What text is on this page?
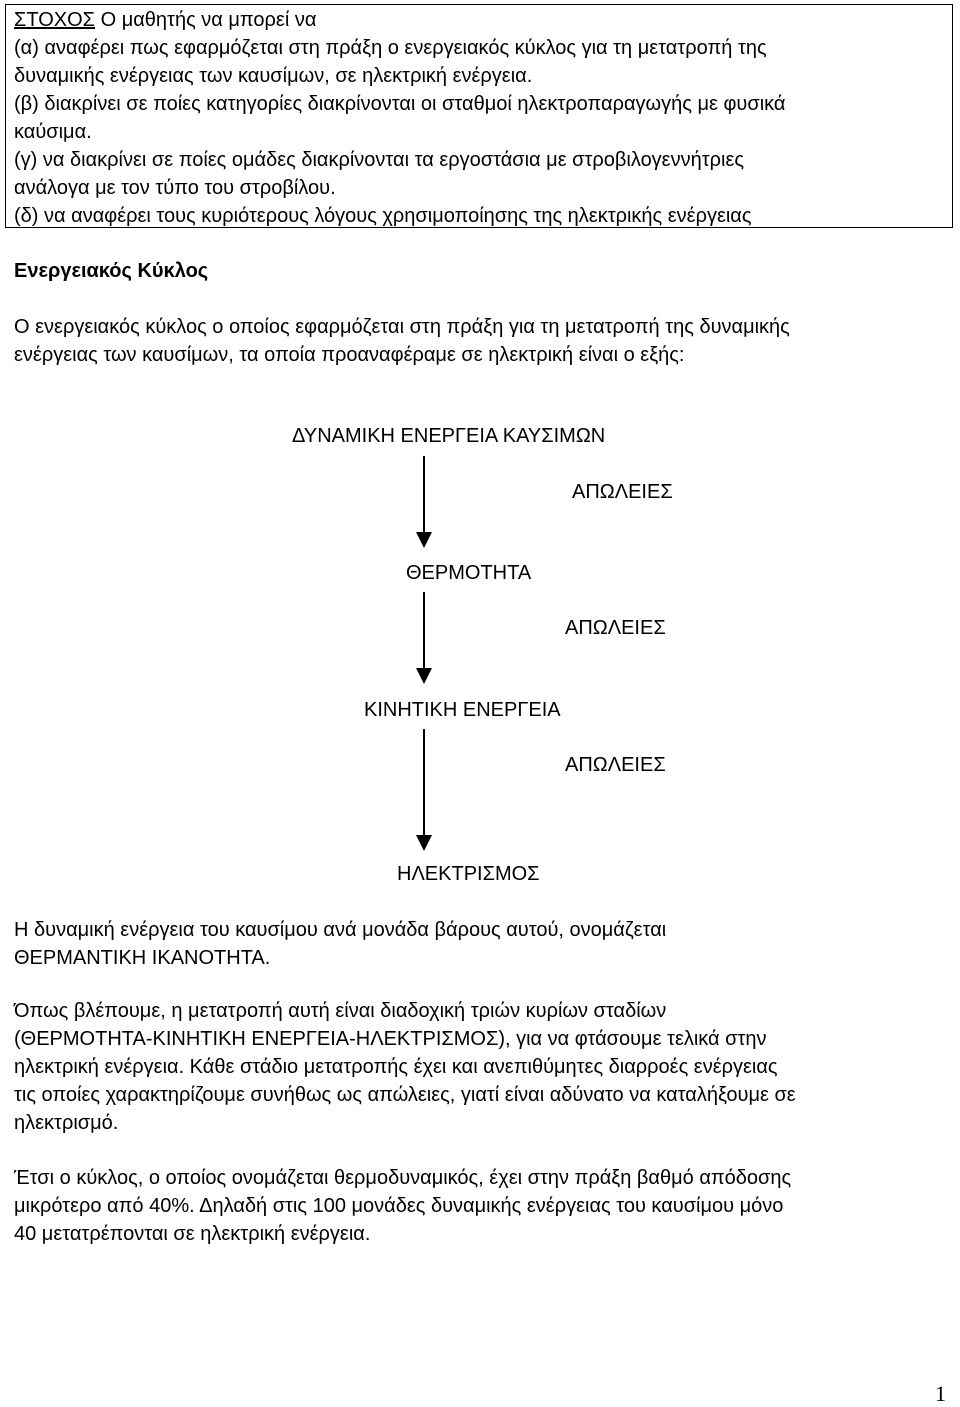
ΣΤΟΧΟΣ Ο μαθητής να μπορεί να
(α) αναφέρει πως εφαρμόζεται στη πράξη ο ενεργειακός κύκλος για τη μετατροπή της
δυναμικής ενέργειας των καυσίμων, σε ηλεκτρική ενέργεια.
(β) διακρίνει σε ποίες κατηγορίες διακρίνονται οι σταθμοί ηλεκτροπαραγωγής με φυσικά
καύσιμα.
(γ) να διακρίνει σε ποίες ομάδες διακρίνονται τα εργοστάσια με στροβιλογεννήτριες
ανάλογα με τον τύπο του στροβίλου.
(δ) να αναφέρει τους κυριότερους λόγους χρησιμοποίησης της ηλεκτρικής ενέργειας
Ενεργειακός Κύκλος
Ο ενεργειακός κύκλος ο οποίος εφαρμόζεται στη πράξη για τη μετατροπή της δυναμικής
ενέργειας των καυσίμων, τα οποία προαναφέραμε σε ηλεκτρική είναι ο εξής:
ΔΥΝΑΜΙΚΗ ΕΝΕΡΓΕΙΑ ΚΑΥΣΙΜΩΝ
ΑΠΩΛΕΙΕΣ
ΘΕΡΜΟΤΗΤΑ
ΑΠΩΛΕΙΕΣ
ΚΙΝΗΤΙΚΗ ΕΝΕΡΓΕΙΑ
ΑΠΩΛΕΙΕΣ
ΗΛΕΚΤΡΙΣΜΟΣ
Η δυναμική ενέργεια του καυσίμου ανά μονάδα βάρους αυτού, ονομάζεται
ΘΕΡΜΑΝΤΙΚΗ ΙΚΑΝΟΤΗΤΑ.
Όπως βλέπουμε, η μετατροπή αυτή είναι διαδοχική τριών κυρίων σταδίων
(ΘΕΡΜΟΤΗΤΑ-ΚΙΝΗΤΙΚΗ ΕΝΕΡΓΕΙΑ-ΗΛΕΚΤΡΙΣΜΟΣ), για να φτάσουμε τελικά στην
ηλεκτρική ενέργεια. Κάθε στάδιο μετατροπής έχει και ανεπιθύμητες διαρροές ενέργειας
τις οποίες χαρακτηρίζουμε συνήθως ως απώλειες, γιατί είναι αδύνατο να καταλήξουμε σε
ηλεκτρισμό.
Έτσι ο κύκλος, ο οποίος ονομάζεται θερμοδυναμικός, έχει στην πράξη βαθμό απόδοσης
μικρότερο από 40%. Δηλαδή στις 100 μονάδες δυναμικής ενέργειας του καυσίμου μόνο
40 μετατρέπονται σε ηλεκτρική ενέργεια.
1
